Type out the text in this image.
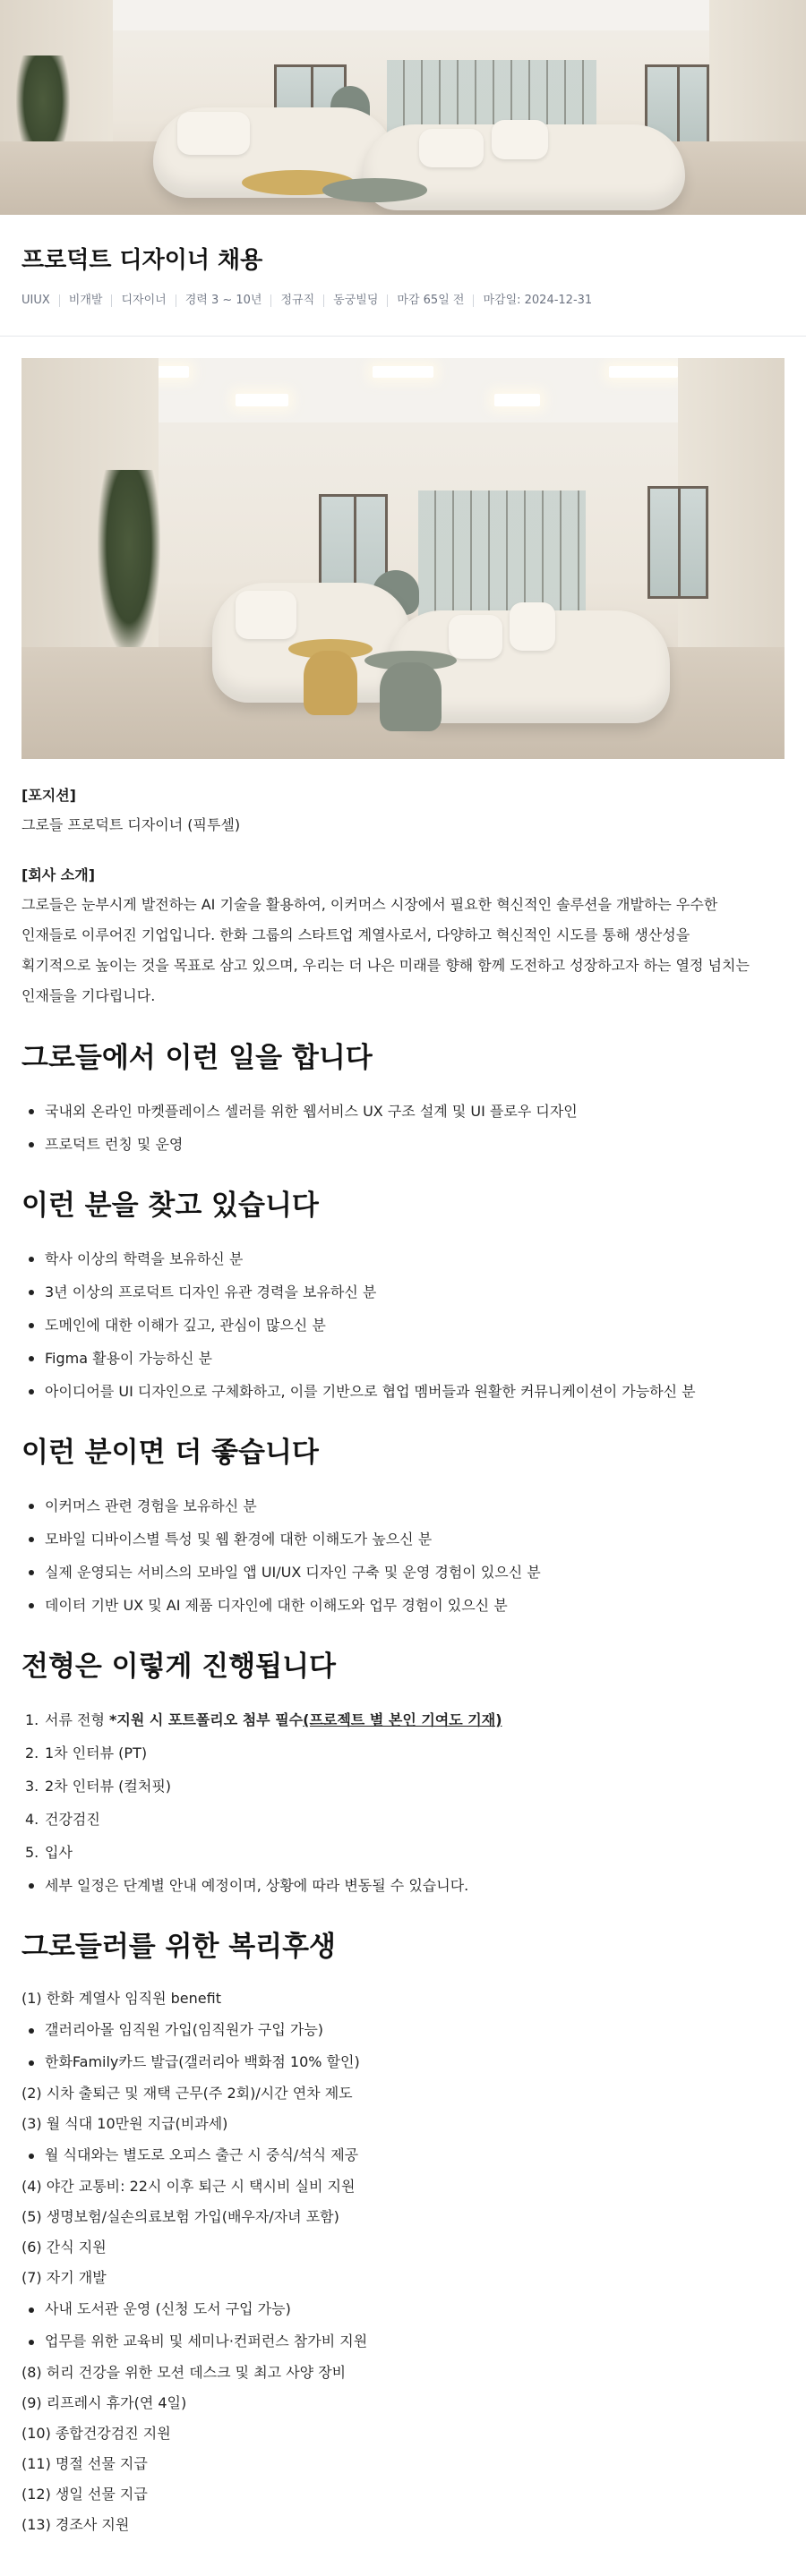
프로덕트 디자이너 채용
UIUX	비개발	디자이너	경력 3 ~ 10년	정규직	동궁빌딩	마감 65일 전	마감일: 2024-12-31
[포지션]
그로들 프로덕트 디자이너 (픽투셀)
[회사 소개]
그로들은 눈부시게 발전하는 AI 기술을 활용하여, 이커머스 시장에서 필요한 혁신적인 솔루션을 개발하는 우수한
인재들로 이루어진 기업입니다. 한화 그룹의 스타트업 계열사로서, 다양하고 혁신적인 시도를 통해 생산성을
획기적으로 높이는 것을 목표로 삼고 있으며, 우리는 더 나은 미래를 향해 함께 도전하고 성장하고자 하는 열정 넘치는
인재들을 기다립니다.
그로들에서 이런 일을 합니다
국내외 온라인 마켓플레이스 셀러를 위한 웹서비스 UX 구조 설계 및 UI 플로우 디자인
프로덕트 런칭 및 운영
이런 분을 찾고 있습니다
학사 이상의 학력을 보유하신 분
3년 이상의 프로덕트 디자인 유관 경력을 보유하신 분
도메인에 대한 이해가 깊고, 관심이 많으신 분
Figma 활용이 가능하신 분
아이디어를 UI 디자인으로 구체화하고, 이를 기반으로 협업 멤버들과 원활한 커뮤니케이션이 가능하신 분
이런 분이면 더 좋습니다
이커머스 관련 경험을 보유하신 분
모바일 디바이스별 특성 및 웹 환경에 대한 이해도가 높으신 분
실제 운영되는 서비스의 모바일 앱 UI/UX 디자인 구축 및 운영 경험이 있으신 분
데이터 기반 UX 및 AI 제품 디자인에 대한 이해도와 업무 경험이 있으신 분
전형은 이렇게 진행됩니다
1. 서류 전형 *지원 시 포트폴리오 첨부 필수(프로젝트 별 본인 기여도 기재)
2. 1차 인터뷰 (PT)
3. 2차 인터뷰 (컬처핏)
4. 건강검진
5. 입사
세부 일정은 단계별 안내 예정이며, 상황에 따라 변동될 수 있습니다.
그로들러를 위한 복리후생
(1) 한화 계열사 임직원 benefit
갤러리아몰 임직원 가입(임직원가 구입 가능)
한화Family카드 발급(갤러리아 백화점 10% 할인)
(2) 시차 출퇴근 및 재택 근무(주 2회)/시간 연차 제도
(3) 월 식대 10만원 지급(비과세)
월 식대와는 별도로 오피스 출근 시 중식/석식 제공
(4) 야간 교통비: 22시 이후 퇴근 시 택시비 실비 지원
(5) 생명보험/실손의료보험 가입(배우자/자녀 포함)
(6) 간식 지원
(7) 자기 개발
사내 도서관 운영 (신청 도서 구입 가능)
업무를 위한 교육비 및 세미나·컨퍼런스 참가비 지원
(8) 허리 건강을 위한 모션 데스크 및 최고 사양 장비
(9) 리프레시 휴가(연 4일)
(10) 종합건강검진 지원
(11) 명절 선물 지급
(12) 생일 선물 지급
(13) 경조사 지원
